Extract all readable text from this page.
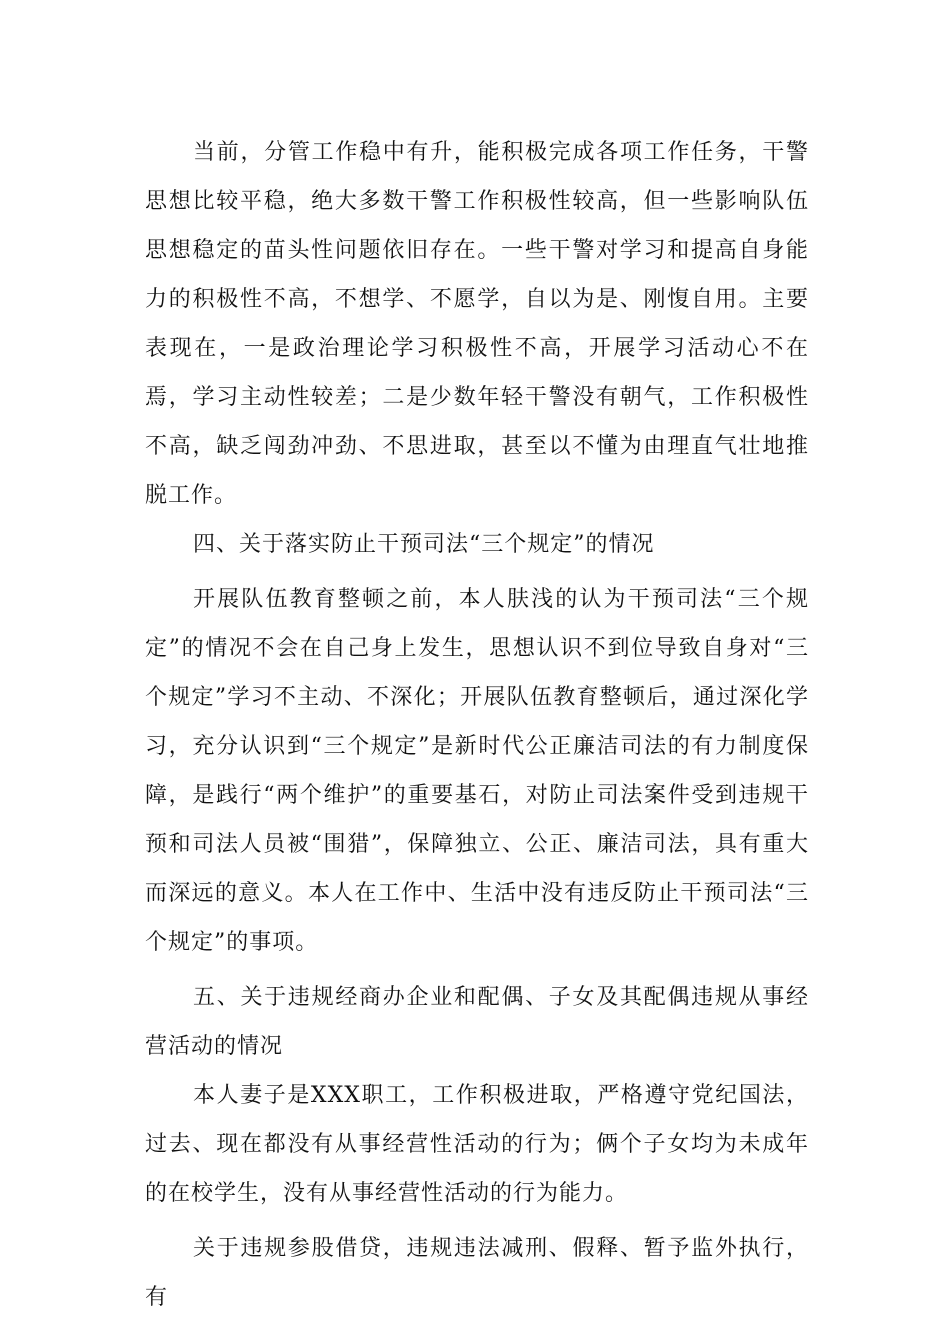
当前，分管工作稳中有升，能积极完成各项工作任务，干警思想比较平稳，绝大多数干警工作积极性较高，但一些影响队伍思想稳定的苗头性问题依旧存在。一些干警对学习和提高自身能力的积极性不高，不想学、不愿学，自以为是、刚愎自用。主要表现在，一是政治理论学习积极性不高，开展学习活动心不在焉，学习主动性较差；二是少数年轻干警没有朝气，工作积极性不高，缺乏闯劲冲劲、不思进取，甚至以不懂为由理直气壮地推脱工作。

四、关于落实防止干预司法“三个规定”的情况

开展队伍教育整顿之前，本人肤浅的认为干预司法“三个规定”的情况不会在自己身上发生，思想认识不到位导致自身对“三个规定”学习不主动、不深化；开展队伍教育整顿后，通过深化学习，充分认识到“三个规定”是新时代公正廉洁司法的有力制度保障，是践行“两个维护”的重要基石，对防止司法案件受到违规干预和司法人员被“围猎”，保障独立、公正、廉洁司法，具有重大而深远的意义。本人在工作中、生活中没有违反防止干预司法“三个规定”的事项。

五、关于违规经商办企业和配偶、子女及其配偶违规从事经营活动的情况

本人妻子是XXX职工，工作积极进取，严格遵守党纪国法，过去、现在都没有从事经营性活动的行为；俩个子女均为未成年的在校学生，没有从事经营性活动的行为能力。

关于违规参股借贷，违规违法减刑、假释、暂予监外执行，有
